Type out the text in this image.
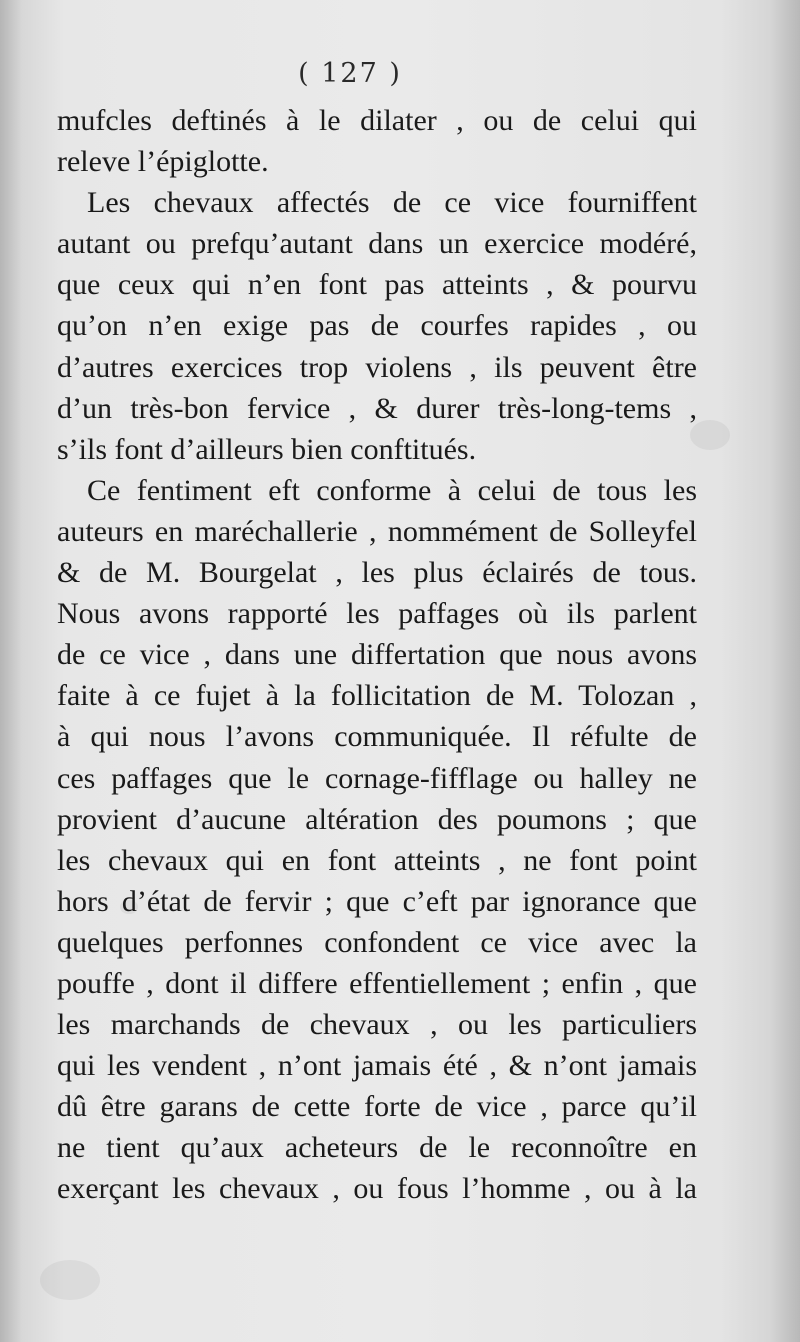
( 127 )
mufcles deftinés à le dilater , ou de celui qui
releve l’épiglotte.
Les chevaux affectés de ce vice fourniffent
autant ou prefqu’autant dans un exercice modéré,
que ceux qui n’en font pas atteints , & pourvu
qu’on n’en exige pas de courfes rapides , ou
d’autres exercices trop violens , ils peuvent être
d’un très-bon fervice , & durer très-long-tems ,
s’ils font d’ailleurs bien conftitués.
Ce fentiment eft conforme à celui de tous les
auteurs en maréchallerie , nommément de Solleyfel
& de M. Bourgelat , les plus éclairés de tous.
Nous avons rapporté les paffages où ils parlent
de ce vice , dans une differtation que nous avons
faite à ce fujet à la follicitation de M. Tolozan ,
à qui nous l’avons communiquée. Il réfulte de
ces paffages que le cornage-fifflage ou halley ne
provient d’aucune altération des poumons ; que
les chevaux qui en font atteints , ne font point
hors d’état de fervir ; que c’eft par ignorance que
quelques perfonnes confondent ce vice avec la
pouffe , dont il differe effentiellement ; enfin , que
les marchands de chevaux , ou les particuliers
qui les vendent , n’ont jamais été , & n’ont jamais
dû être garans de cette forte de vice , parce qu’il
ne tient qu’aux acheteurs de le reconnoître en
exerçant les chevaux , ou fous l’homme , ou à la
